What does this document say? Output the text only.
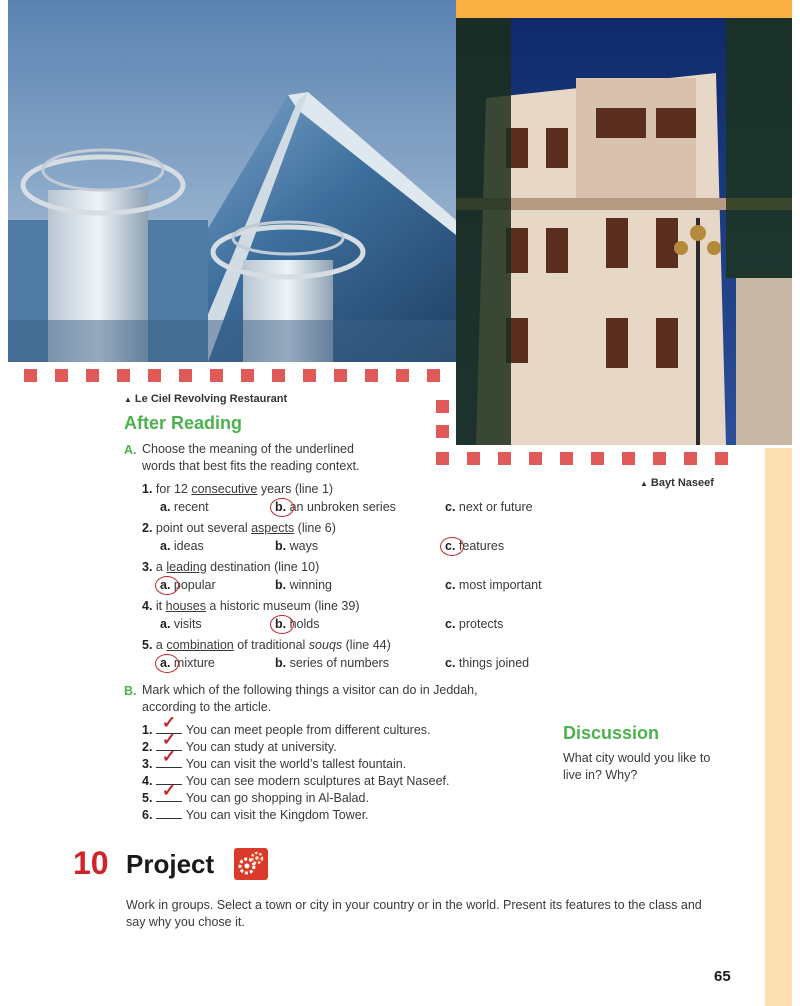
▲ Le Ciel Revolving Restaurant
▲ Bayt Naseef
After Reading
A. Choose the meaning of the underlined
words that best fits the reading context.
1. for 12 consecutive years (line 1)
a. recent	b. an unbroken series	c. next or future
2. point out several aspects (line 6)
a. ideas	b. ways	c. features
3. a leading destination (line 10)
a. popular	b. winning	c. most important
4. it houses a historic museum (line 39)
a. visits	b. holds	c. protects
5. a combination of traditional souqs (line 44)
a. mixture	b. series of numbers	c. things joined
B. Mark which of the following things a visitor can do in Jeddah,
according to the article.
1. ✓ You can meet people from different cultures.
2. ✓ You can study at university.
3. ✓ You can visit the world’s tallest fountain.
4. You can see modern sculptures at Bayt Naseef.
5. ✓ You can go shopping in Al-Balad.
6. You can visit the Kingdom Tower.
Discussion
What city would you like to
live in? Why?
10 Project
Work in groups. Select a town or city in your country or in the world. Present its features to the class and
say why you chose it.
65
